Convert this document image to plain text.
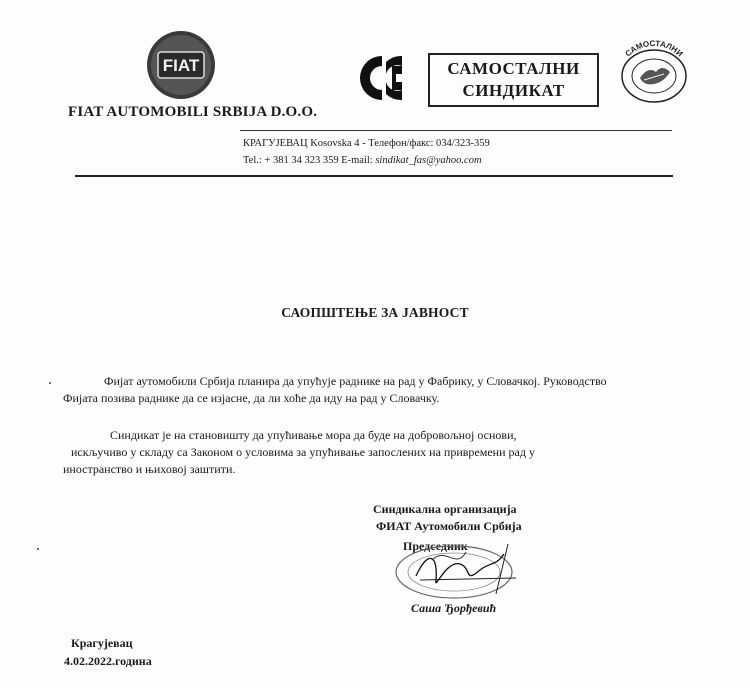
FIAT
FIAT AUTOMOBILI SRBIJA D.O.O.
САМОСТАЛНИ
СИНДИКАТ
САМОСТАЛНИ
КРАГУЈЕВАЦ Kosovska 4 - Телефон/факс: 034/323-359
Tel.: + 381 34 323 359 E-mail: sindikat_fas@yahoo.com
САОПШТЕЊЕ ЗА ЈАВНОСТ
Фијат аутомобили Србија планира да упућује раднике на рад у Фабрику, у Словачкој. Руководство
Фијата позива раднике да се изјасне, да ли хоће да иду на рад у Словачку.
Синдикат је на становишту да упућивање мора да буде на добровољној основи,
искључиво у складу са Законом о условима за упућивање запослених на привремени рад у
иностранство и њиховој заштити.
Синдикална организација
ФИАТ Аутомобили Србија
Председник
Саша Ђорђевић
Крагујевац
4.02.2022.година
